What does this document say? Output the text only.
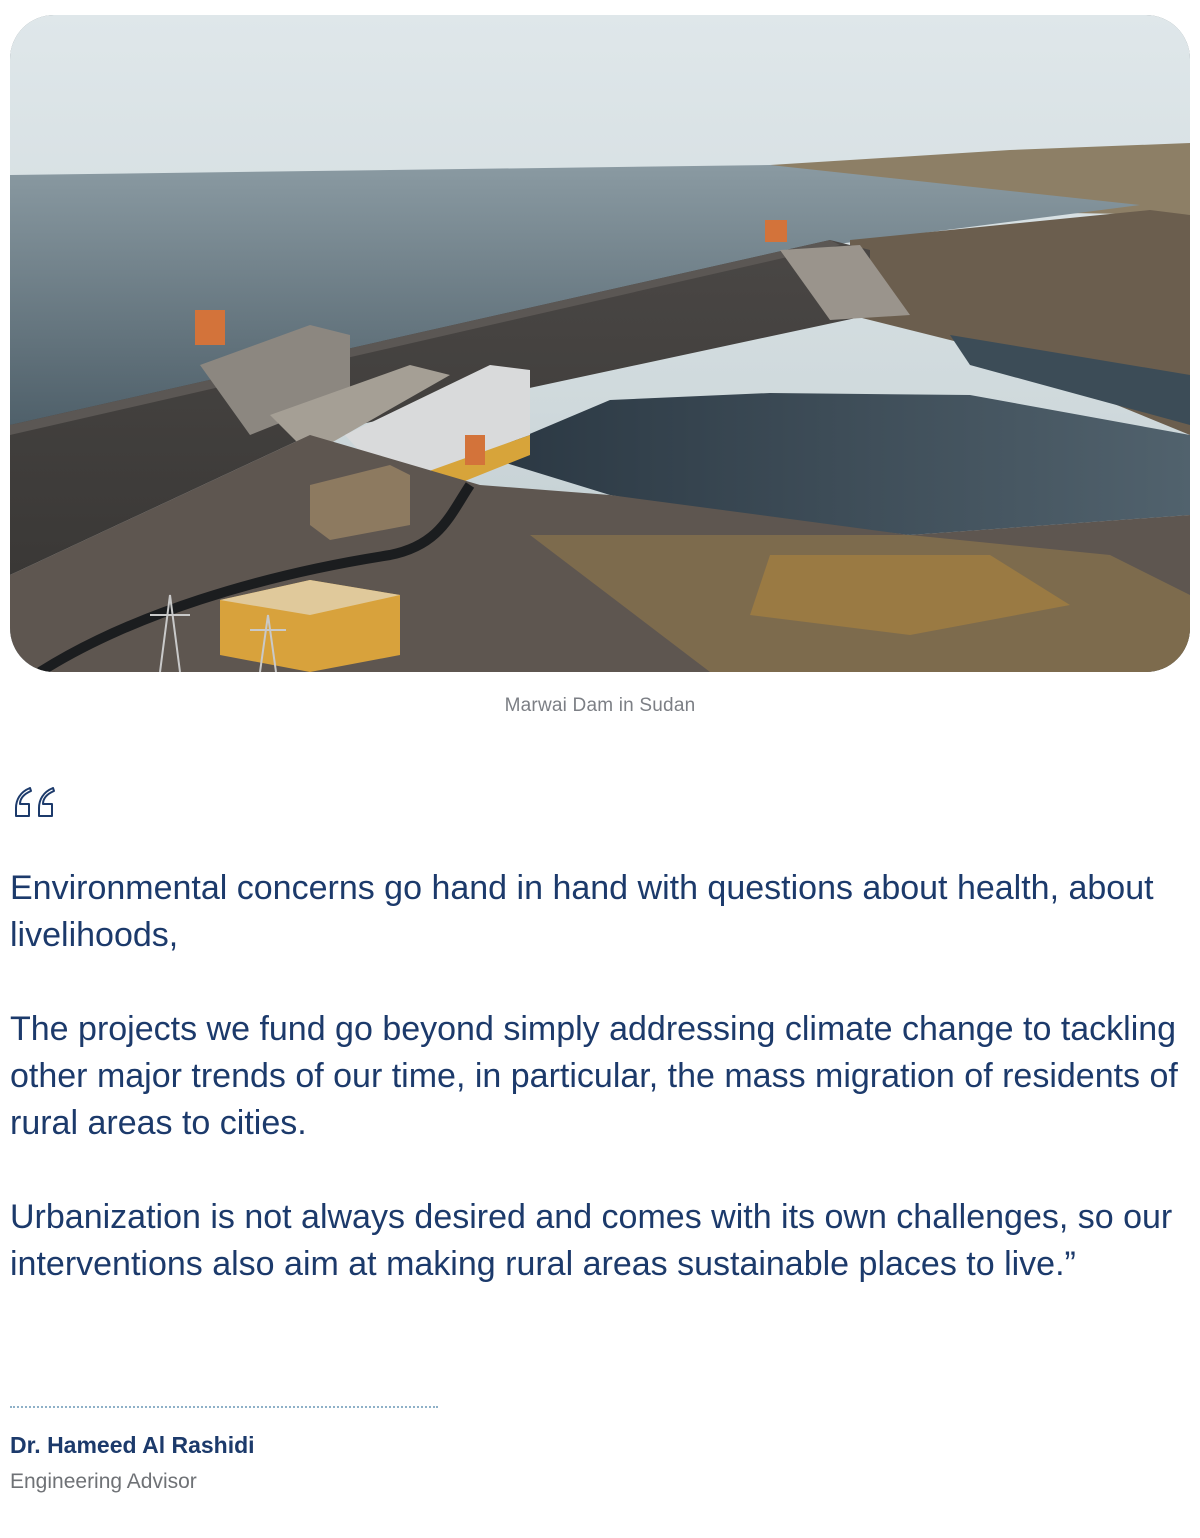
Marwai Dam in Sudan

Environmental concerns go hand in hand with questions about health, about livelihoods,

The projects we fund go beyond simply addressing climate change to tackling other major trends of our time, in particular, the mass migration of residents of rural areas to cities.

Urbanization is not always desired and comes with its own challenges, so our interventions also aim at making rural areas sustainable places to live.”

Dr. Hameed Al Rashidi
Engineering Advisor
